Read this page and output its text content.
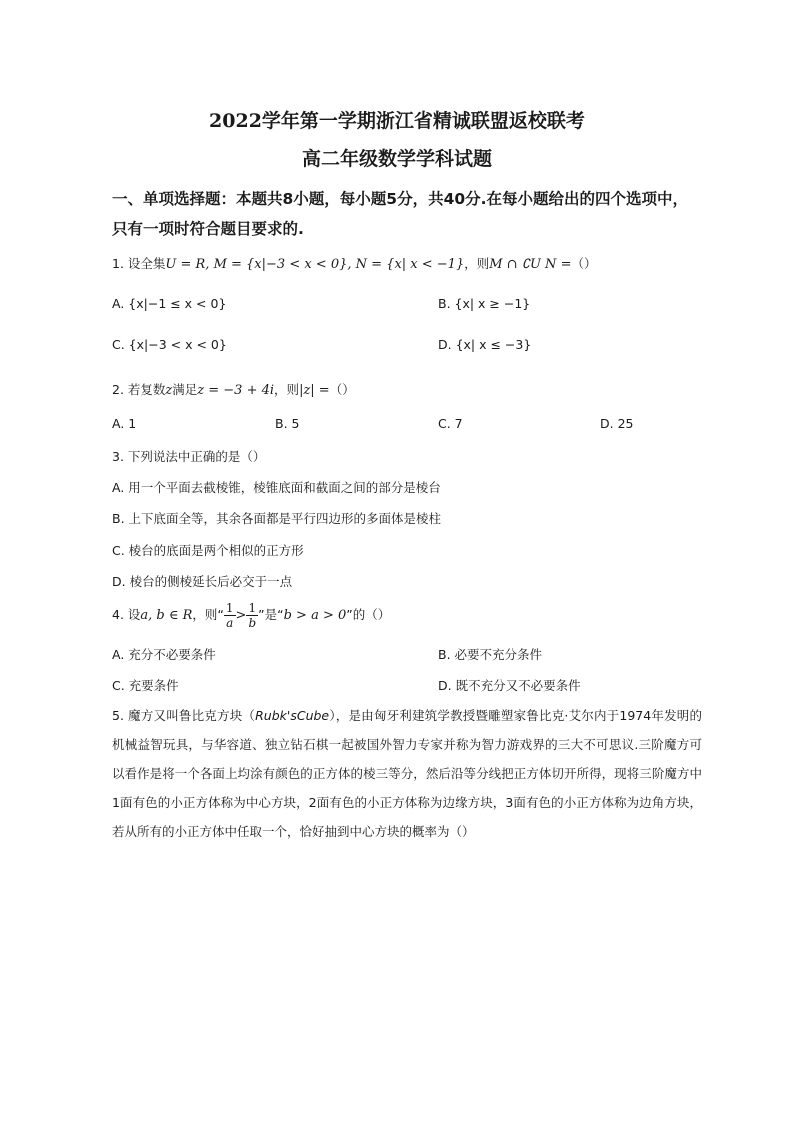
2022学年第一学期浙江省精诚联盟返校联考
高二年级数学学科试题
一、单项选择题：本题共8小题，每小题5分，共40分.在每小题给出的四个选项中，只有一项时符合题目要求的.
1. 设全集U = R, M = {x|−3 < x < 0}, N = {x| x < −1}，则M ∩ ∁U N =（）
A. {x|−1 ≤ x < 0}	B. {x| x ≥ −1}
C. {x|−3 < x < 0}	D. {x| x ≤ −3}
2. 若复数z满足z = −3 + 4i，则|z| =（）
A. 1	B. 5	C. 7	D. 25
3. 下列说法中正确的是（）
A. 用一个平面去截棱锥，棱锥底面和截面之间的部分是棱台
B. 上下底面全等，其余各面都是平行四边形的多面体是棱柱
C. 棱台的底面是两个相似的正方形
D. 棱台的侧棱延长后必交于一点
4. 设a, b ∈ R，则“ $\frac{1}{a} > \frac{1}{b}$ ”是“b > a > 0”的（）
A. 充分不必要条件	B. 必要不充分条件
C. 充要条件	D. 既不充分又不必要条件
5. 魔方又叫鲁比克方块（Rubk'sCube），是由匈牙利建筑学教授暨雕塑家鲁比克·艾尔内于1974年发明的机械益智玩具，与华容道、独立钻石棋一起被国外智力专家并称为智力游戏界的三大不可思议.三阶魔方可以看作是将一个各面上均涂有颜色的正方体的棱三等分，然后沿等分线把正方体切开所得，现将三阶魔方中1面有色的小正方体称为中心方块，2面有色的小正方体称为边缘方块，3面有色的小正方体称为边角方块，若从所有的小正方体中任取一个，恰好抽到中心方块的概率为（）
